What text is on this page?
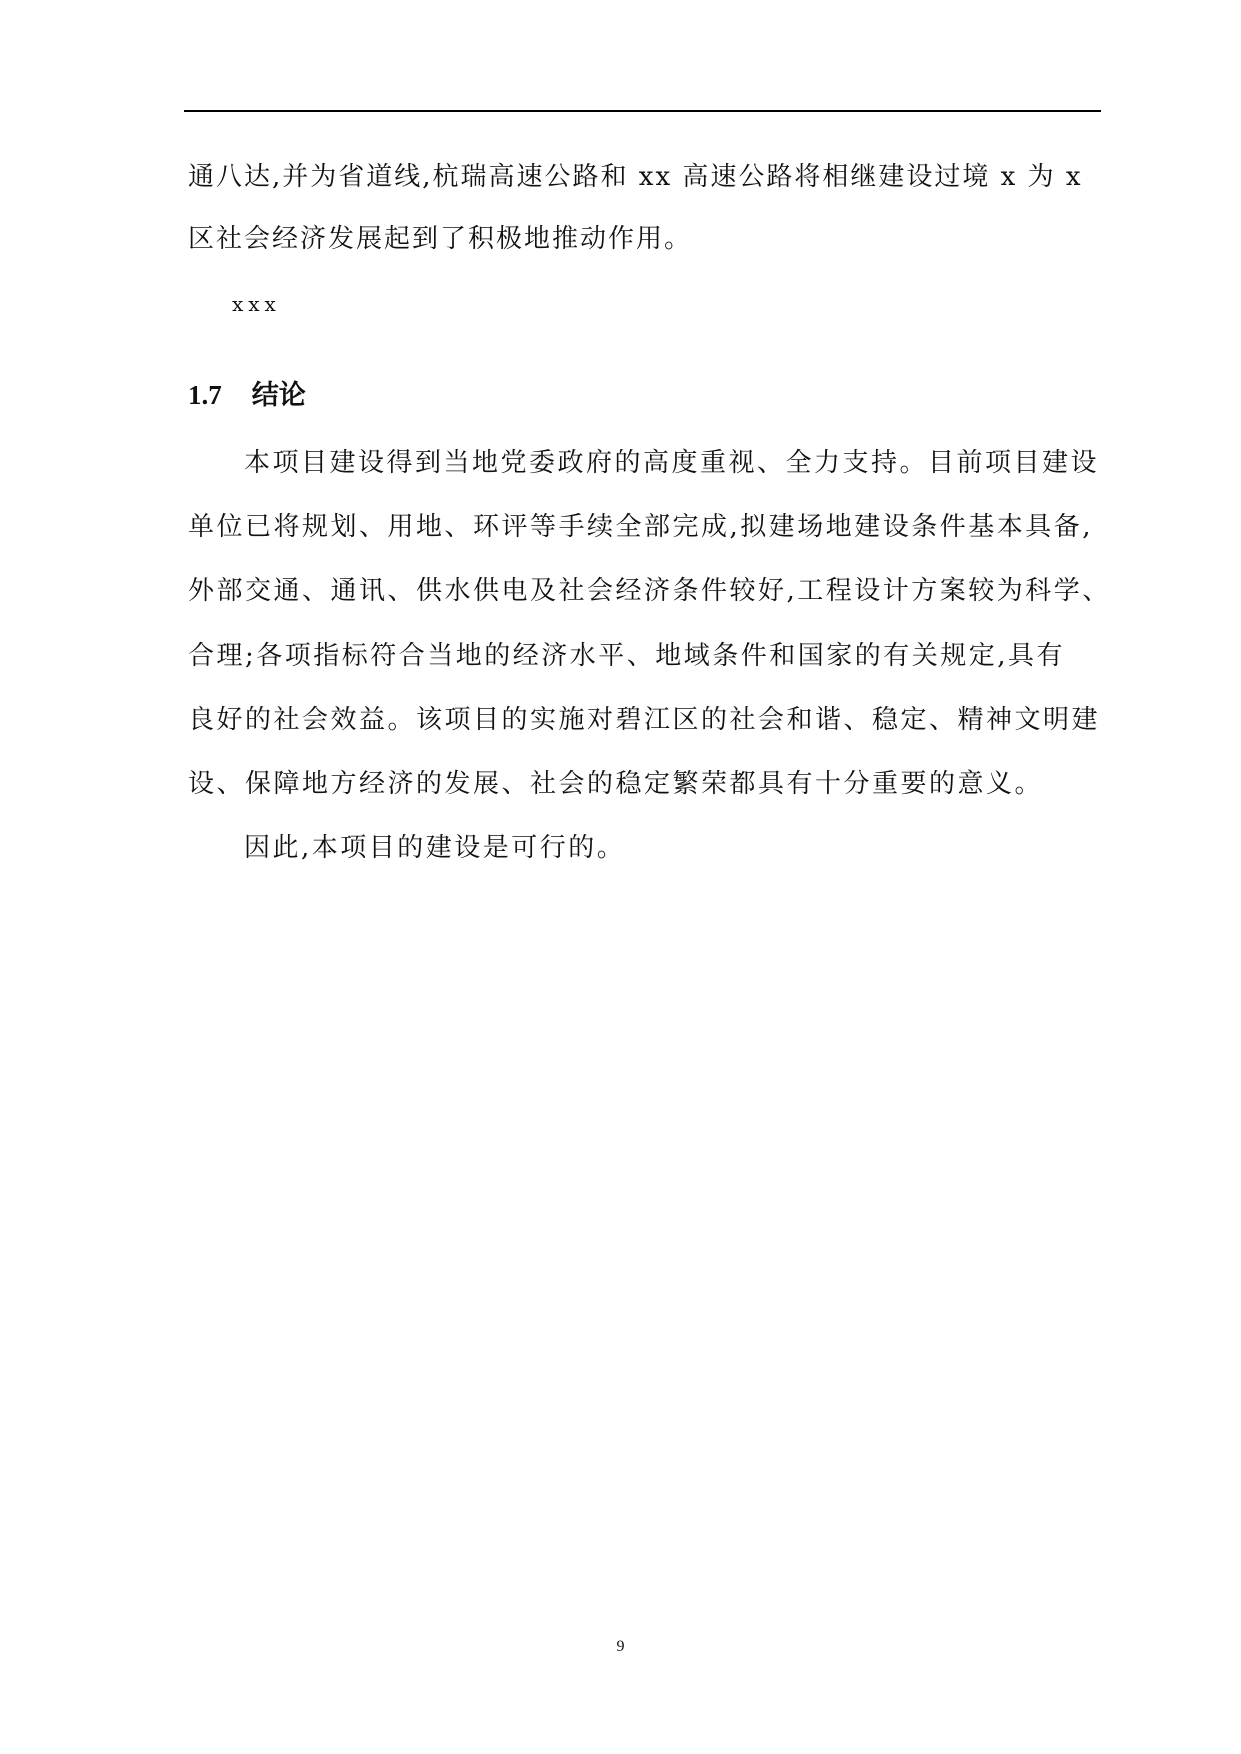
通八达,并为省道线,杭瑞高速公路和 xx 高速公路将相继建设过境 x 为 x
区社会经济发展起到了积极地推动作用。
xxx
1.7 结论
本项目建设得到当地党委政府的高度重视、全力支持。目前项目建设
单位已将规划、用地、环评等手续全部完成,拟建场地建设条件基本具备,
外部交通、通讯、供水供电及社会经济条件较好,工程设计方案较为科学、
合理;各项指标符合当地的经济水平、地域条件和国家的有关规定,具有
良好的社会效益。该项目的实施对碧江区的社会和谐、稳定、精神文明建
设、保障地方经济的发展、社会的稳定繁荣都具有十分重要的意义。
因此,本项目的建设是可行的。
9
